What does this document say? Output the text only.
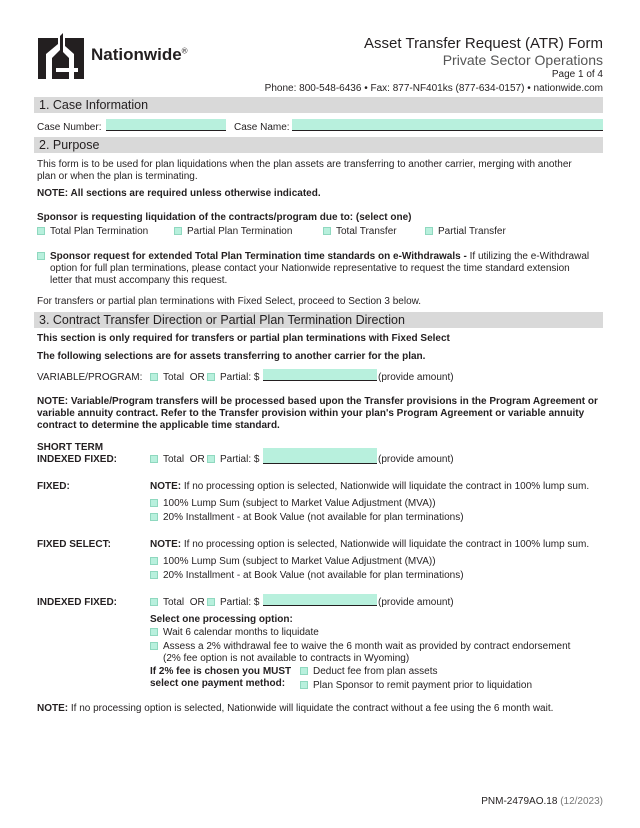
Nationwide®	Asset Transfer Request (ATR) Form
Private Sector Operations
Page 1 of 4
Phone: 800-548-6436 • Fax: 877-NF401ks (877-634-0157) • nationwide.com
1. Case Information
Case Number:	Case Name:
2. Purpose
This form is to be used for plan liquidations when the plan assets are transferring to another carrier, merging with another
plan or when the plan is terminating.
NOTE: All sections are required unless otherwise indicated.
Sponsor is requesting liquidation of the contracts/program due to: (select one)
Total Plan Termination	Partial Plan Termination	Total Transfer	Partial Transfer
Sponsor request for extended Total Plan Termination time standards on e-Withdrawals - If utilizing the e-Withdrawal
option for full plan terminations, please contact your Nationwide representative to request the time standard extension
letter that must accompany this request.
For transfers or partial plan terminations with Fixed Select, proceed to Section 3 below.
3. Contract Transfer Direction or Partial Plan Termination Direction
This section is only required for transfers or partial plan terminations with Fixed Select
The following selections are for assets transferring to another carrier for the plan.
VARIABLE/PROGRAM:	Total OR	Partial: $	(provide amount)
NOTE: Variable/Program transfers will be processed based upon the Transfer provisions in the Program Agreement or
variable annuity contract. Refer to the Transfer provision within your plan's Program Agreement or variable annuity
contract to determine the applicable time standard.
SHORT TERM
INDEXED FIXED:	Total OR	Partial: $	(provide amount)
FIXED:	NOTE: If no processing option is selected, Nationwide will liquidate the contract in 100% lump sum.
100% Lump Sum (subject to Market Value Adjustment (MVA))
20% Installment - at Book Value (not available for plan terminations)
FIXED SELECT:	NOTE: If no processing option is selected, Nationwide will liquidate the contract in 100% lump sum.
100% Lump Sum (subject to Market Value Adjustment (MVA))
20% Installment - at Book Value (not available for plan terminations)
INDEXED FIXED:	Total OR	Partial: $	(provide amount)
Select one processing option:
Wait 6 calendar months to liquidate
Assess a 2% withdrawal fee to waive the 6 month wait as provided by contract endorsement
(2% fee option is not available to contracts in Wyoming)
If 2% fee is chosen you MUST
select one payment method:
Deduct fee from plan assets
Plan Sponsor to remit payment prior to liquidation
NOTE: If no processing option is selected, Nationwide will liquidate the contract without a fee using the 6 month wait.
PNM-2479AO.18 (12/2023)
